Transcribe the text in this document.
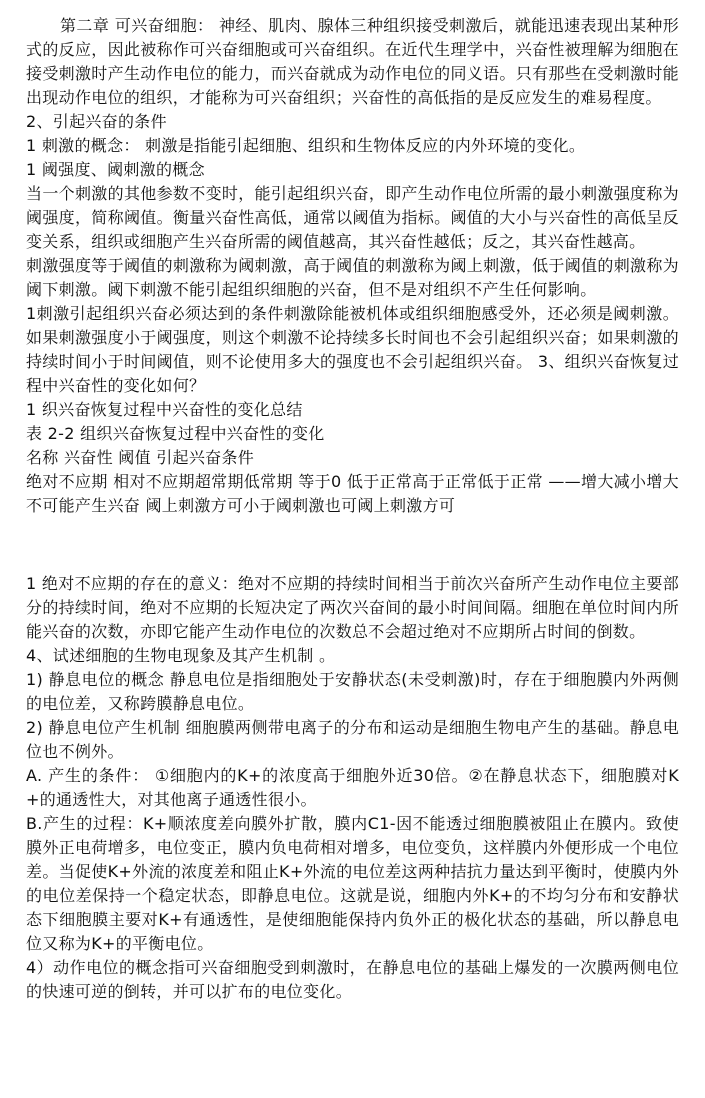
第二章 可兴奋细胞： 神经、肌肉、腺体三种组织接受刺激后，就能迅速表现出某种形式的反应，因此被称作可兴奋细胞或可兴奋组织。在近代生理学中，兴奋性被理解为细胞在接受刺激时产生动作电位的能力，而兴奋就成为动作电位的同义语。只有那些在受刺激时能出现动作电位的组织，才能称为可兴奋组织；兴奋性的高低指的是反应发生的难易程度。

2、引起兴奋的条件

1 刺激的概念： 刺激是指能引起细胞、组织和生物体反应的内外环境的变化。

1 阈强度、阈刺激的概念

当一个刺激的其他参数不变时，能引起组织兴奋，即产生动作电位所需的最小刺激强度称为阈强度，简称阈值。衡量兴奋性高低，通常以阈值为指标。阈值的大小与兴奋性的高低呈反变关系，组织或细胞产生兴奋所需的阈值越高，其兴奋性越低；反之，其兴奋性越高。

刺激强度等于阈值的刺激称为阈刺激，高于阈值的刺激称为阈上刺激，低于阈值的刺激称为阈下刺激。阈下刺激不能引起组织细胞的兴奋，但不是对组织不产生任何影响。

1刺激引起组织兴奋必须达到的条件刺激除能被机体或组织细胞感受外，还必须是阈刺激。如果刺激强度小于阈强度，则这个刺激不论持续多长时间也不会引起组织兴奋；如果刺激的持续时间小于时间阈值，则不论使用多大的强度也不会引起组织兴奋。 3、组织兴奋恢复过程中兴奋性的变化如何？

1 织兴奋恢复过程中兴奋性的变化总结

表 2-2 组织兴奋恢复过程中兴奋性的变化

名称 兴奋性 阈值 引起兴奋条件

绝对不应期 相对不应期超常期低常期 等于0 低于正常高于正常低于正常 ——增大减小增大 不可能产生兴奋 阈上刺激方可小于阈刺激也可阈上刺激方可

1 绝对不应期的存在的意义：绝对不应期的持续时间相当于前次兴奋所产生动作电位主要部分的持续时间，绝对不应期的长短决定了两次兴奋间的最小时间间隔。细胞在单位时间内所能兴奋的次数，亦即它能产生动作电位的次数总不会超过绝对不应期所占时间的倒数。

4、试述细胞的生物电现象及其产生机制 。

1) 静息电位的概念 静息电位是指细胞处于安静状态(未受刺激)时，存在于细胞膜内外两侧的电位差，又称跨膜静息电位。

2) 静息电位产生机制 细胞膜两侧带电离子的分布和运动是细胞生物电产生的基础。静息电位也不例外。

A. 产生的条件： ①细胞内的K+的浓度高于细胞外近30倍。②在静息状态下，细胞膜对K+的通透性大，对其他离子通透性很小。

B.产生的过程：K+顺浓度差向膜外扩散，膜内C1-因不能透过细胞膜被阻止在膜内。致使膜外正电荷增多，电位变正，膜内负电荷相对增多，电位变负，这样膜内外便形成一个电位差。当促使K+外流的浓度差和阻止K+外流的电位差这两种拮抗力量达到平衡时，使膜内外的电位差保持一个稳定状态，即静息电位。这就是说，细胞内外K+的不均匀分布和安静状态下细胞膜主要对K+有通透性，是使细胞能保持内负外正的极化状态的基础，所以静息电位又称为K+的平衡电位。

4）动作电位的概念指可兴奋细胞受到刺激时，在静息电位的基础上爆发的一次膜两侧电位的快速可逆的倒转，并可以扩布的电位变化。
